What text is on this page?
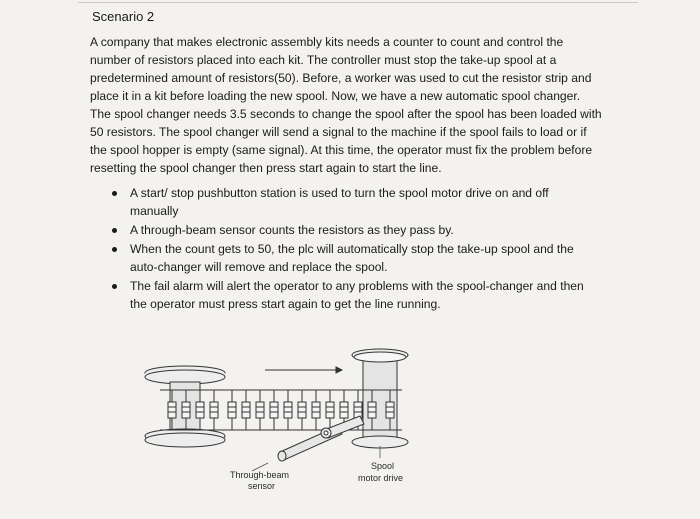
Scenario 2
A company that makes electronic assembly kits needs a counter to count and control the
number of resistors placed into each kit. The controller must stop the take-up spool at a
predetermined amount of resistors(50). Before, a worker was used to cut the resistor strip and
place it in a kit before loading the new spool. Now, we have a new automatic spool changer.
The spool changer needs 3.5 seconds to change the spool after the spool has been loaded with
50 resistors. The spool changer will send a signal to the machine if the spool fails to load or if
the spool hopper is empty (same signal). At this time, the operator must fix the problem before
resetting the spool changer then press start again to start the line.
A start/ stop pushbutton station is used to turn the spool motor drive on and off
manually
A through-beam sensor counts the resistors as they pass by.
When the count gets to 50, the plc will automatically stop the take-up spool and the
auto-changer will remove and replace the spool.
The fail alarm will alert the operator to any problems with the spool-changer and then
the operator must press start again to get the line running.
Through-beam
sensor
Spool
motor drive
